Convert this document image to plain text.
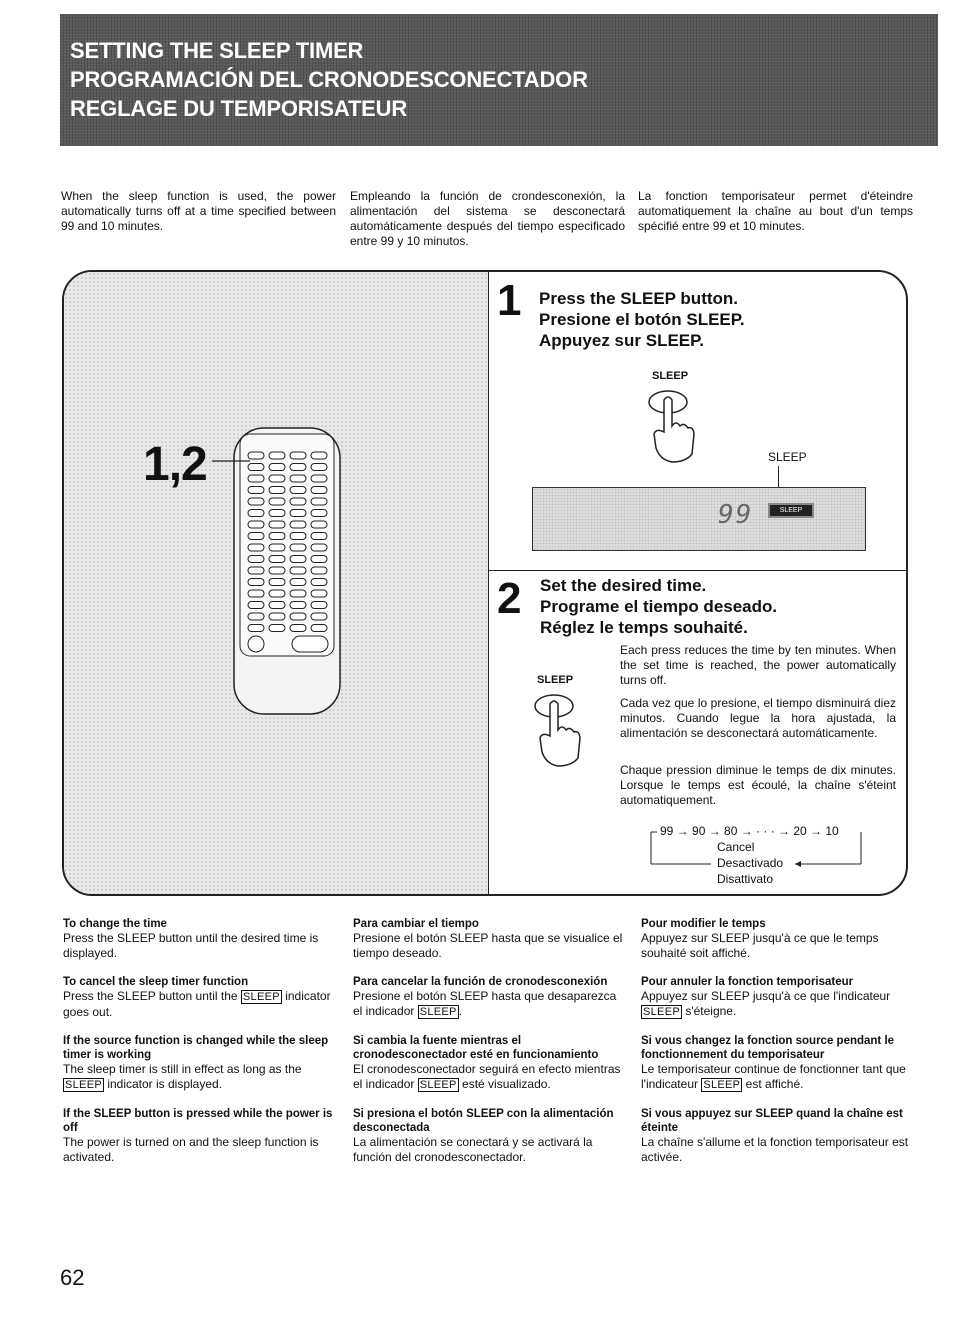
SETTING THE SLEEP TIMER
PROGRAMACIÓN DEL CRONODESCONECTADOR
REGLAGE DU TEMPORISATEUR
When the sleep function is used, the power automatically turns off at a time specified between 99 and 10 minutes.
Empleando la función de crondesconexión, la alimentación del sistema se desconectará automáticamente después del tiempo especificado entre 99 y 10 minutos.
La fonction temporisateur permet d'éteindre automatiquement la chaîne au bout d'un temps spécifié entre 99 et 10 minutes.
1,2
1 Press the SLEEP button.
Presione el botón SLEEP.
Appuyez sur SLEEP.
SLEEP
SLEEP
99	SLEEP
2 Set the desired time.
Programe el tiempo deseado.
Réglez le temps souhaité.
SLEEP
Each press reduces the time by ten minutes. When the set time is reached, the power automatically turns off.
Cada vez que lo presione, el tiempo disminuirá diez minutos. Cuando legue la hora ajustada, la alimentación se desconectará automáticamente.
Chaque pression diminue le temps de dix minutes. Lorsque le temps est écoulé, la chaîne s'éteint automatiquement.
99 → 90 → 80 → · · · → 20 → 10
Cancel
Desactivado
Disattivato
To change the time
Press the SLEEP button until the desired time is displayed.
To cancel the sleep timer function
Press the SLEEP button until the SLEEP indicator goes out.
If the source function is changed while the sleep timer is working
The sleep timer is still in effect as long as the SLEEP indicator is displayed.
If the SLEEP button is pressed while the power is off
The power is turned on and the sleep function is activated.
Para cambiar el tiempo
Presione el botón SLEEP hasta que se visualice el tiempo deseado.
Para cancelar la función de cronodesconexión
Presione el botón SLEEP hasta que desaparezca el indicador SLEEP .
Si cambia la fuente mientras el cronodesconectador esté en funcionamiento
El cronodesconectador seguirá en efecto mientras el indicador SLEEP esté visualizado.
Si presiona el botón SLEEP con la alimentación desconectada
La alimentación se conectará y se activará la función del cronodesconectador.
Pour modifier le temps
Appuyez sur SLEEP jusqu'à ce que le temps souhaité soit affiché.
Pour annuler la fonction temporisateur
Appuyez sur SLEEP jusqu'à ce que l'indicateur SLEEP s'éteigne.
Si vous changez la fonction source pendant le fonctionnement du temporisateur
Le temporisateur continue de fonctionner tant que l'indicateur SLEEP est affiché.
Si vous appuyez sur SLEEP quand la chaîne est éteinte
La chaîne s'allume et la fonction temporisateur est activée.
62
